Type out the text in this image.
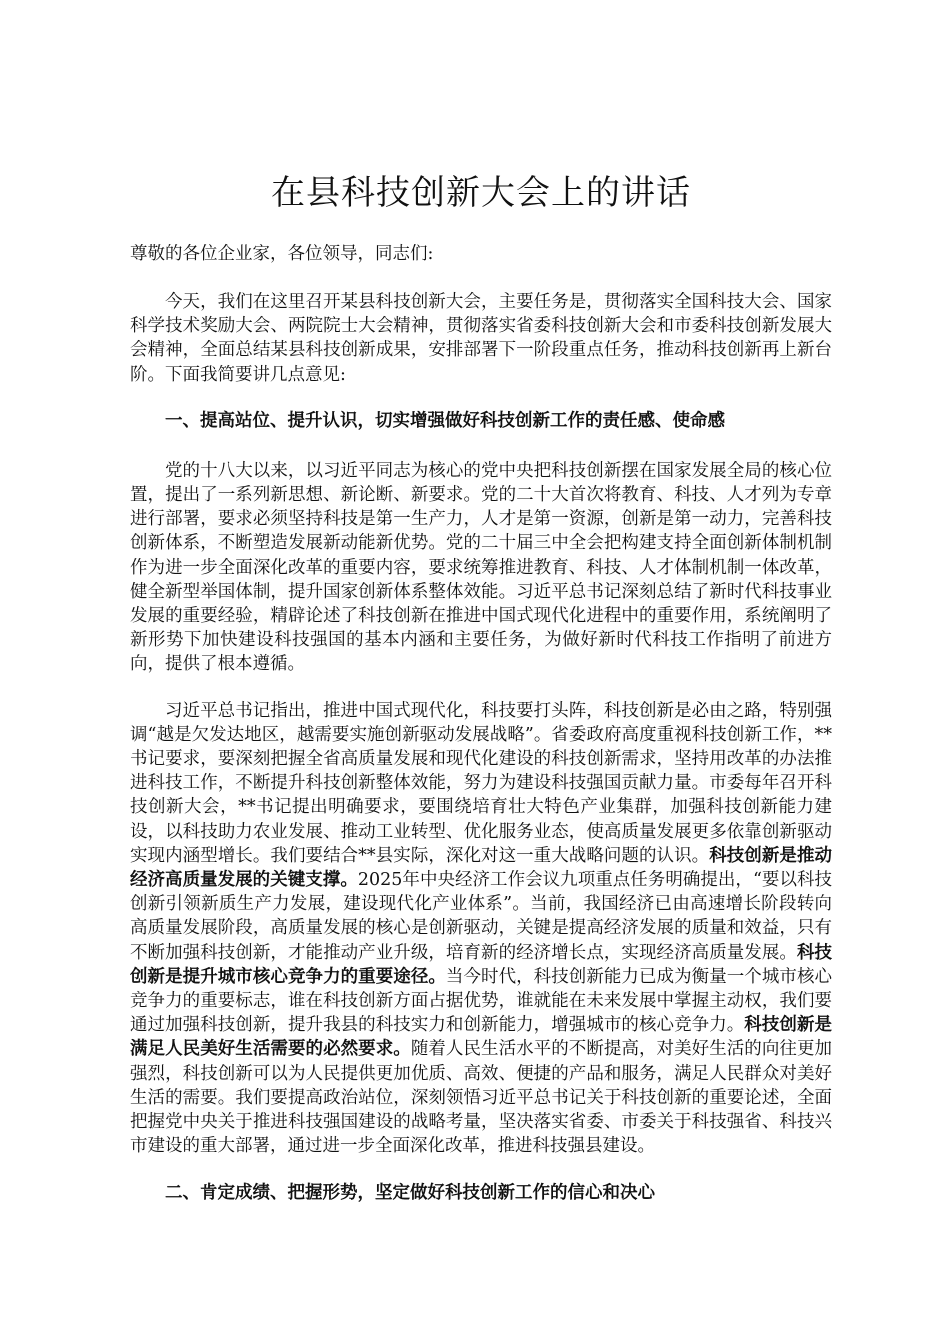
在县科技创新大会上的讲话
尊敬的各位企业家，各位领导，同志们:

今天，我们在这里召开某县科技创新大会，主要任务是，贯彻落实全国科技大会、国家科学技术奖励大会、两院院士大会精神，贯彻落实省委科技创新大会和市委科技创新发展大会精神，全面总结某县科技创新成果，安排部署下一阶段重点任务，推动科技创新再上新台阶。下面我简要讲几点意见:

一、提高站位、提升认识，切实增强做好科技创新工作的责任感、使命感

党的十八大以来，以习近平同志为核心的党中央把科技创新摆在国家发展全局的核心位置，提出了一系列新思想、新论断、新要求。党的二十大首次将教育、科技、人才列为专章进行部署，要求必须坚持科技是第一生产力，人才是第一资源，创新是第一动力，完善科技创新体系，不断塑造发展新动能新优势。党的二十届三中全会把构建支持全面创新体制机制作为进一步全面深化改革的重要内容，要求统筹推进教育、科技、人才体制机制一体改革，健全新型举国体制，提升国家创新体系整体效能。习近平总书记深刻总结了新时代科技事业发展的重要经验，精辟论述了科技创新在推进中国式现代化进程中的重要作用，系统阐明了新形势下加快建设科技强国的基本内涵和主要任务，为做好新时代科技工作指明了前进方向，提供了根本遵循。

习近平总书记指出，推进中国式现代化，科技要打头阵，科技创新是必由之路，特别强调“越是欠发达地区，越需要实施创新驱动发展战略”。省委政府高度重视科技创新工作，**书记要求，要深刻把握全省高质量发展和现代化建设的科技创新需求，坚持用改革的办法推进科技工作，不断提升科技创新整体效能，努力为建设科技强国贡献力量。市委每年召开科技创新大会，**书记提出明确要求，要围绕培育壮大特色产业集群，加强科技创新能力建设，以科技助力农业发展、推动工业转型、优化服务业态，使高质量发展更多依靠创新驱动实现内涵型增长。我们要结合**县实际，深化对这一重大战略问题的认识。科技创新是推动经济高质量发展的关键支撑。2025年中央经济工作会议九项重点任务明确提出，“要以科技创新引领新质生产力发展，建设现代化产业体系”。当前，我国经济已由高速增长阶段转向高质量发展阶段，高质量发展的核心是创新驱动，关键是提高经济发展的质量和效益，只有不断加强科技创新，才能推动产业升级，培育新的经济增长点，实现经济高质量发展。科技创新是提升城市核心竞争力的重要途径。当今时代，科技创新能力已成为衡量一个城市核心竞争力的重要标志，谁在科技创新方面占据优势，谁就能在未来发展中掌握主动权，我们要通过加强科技创新，提升我县的科技实力和创新能力，增强城市的核心竞争力。科技创新是满足人民美好生活需要的必然要求。随着人民生活水平的不断提高，对美好生活的向往更加强烈，科技创新可以为人民提供更加优质、高效、便捷的产品和服务，满足人民群众对美好生活的需要。我们要提高政治站位，深刻领悟习近平总书记关于科技创新的重要论述，全面把握党中央关于推进科技强国建设的战略考量，坚决落实省委、市委关于科技强省、科技兴市建设的重大部署，通过进一步全面深化改革，推进科技强县建设。

二、肯定成绩、把握形势，坚定做好科技创新工作的信心和决心
